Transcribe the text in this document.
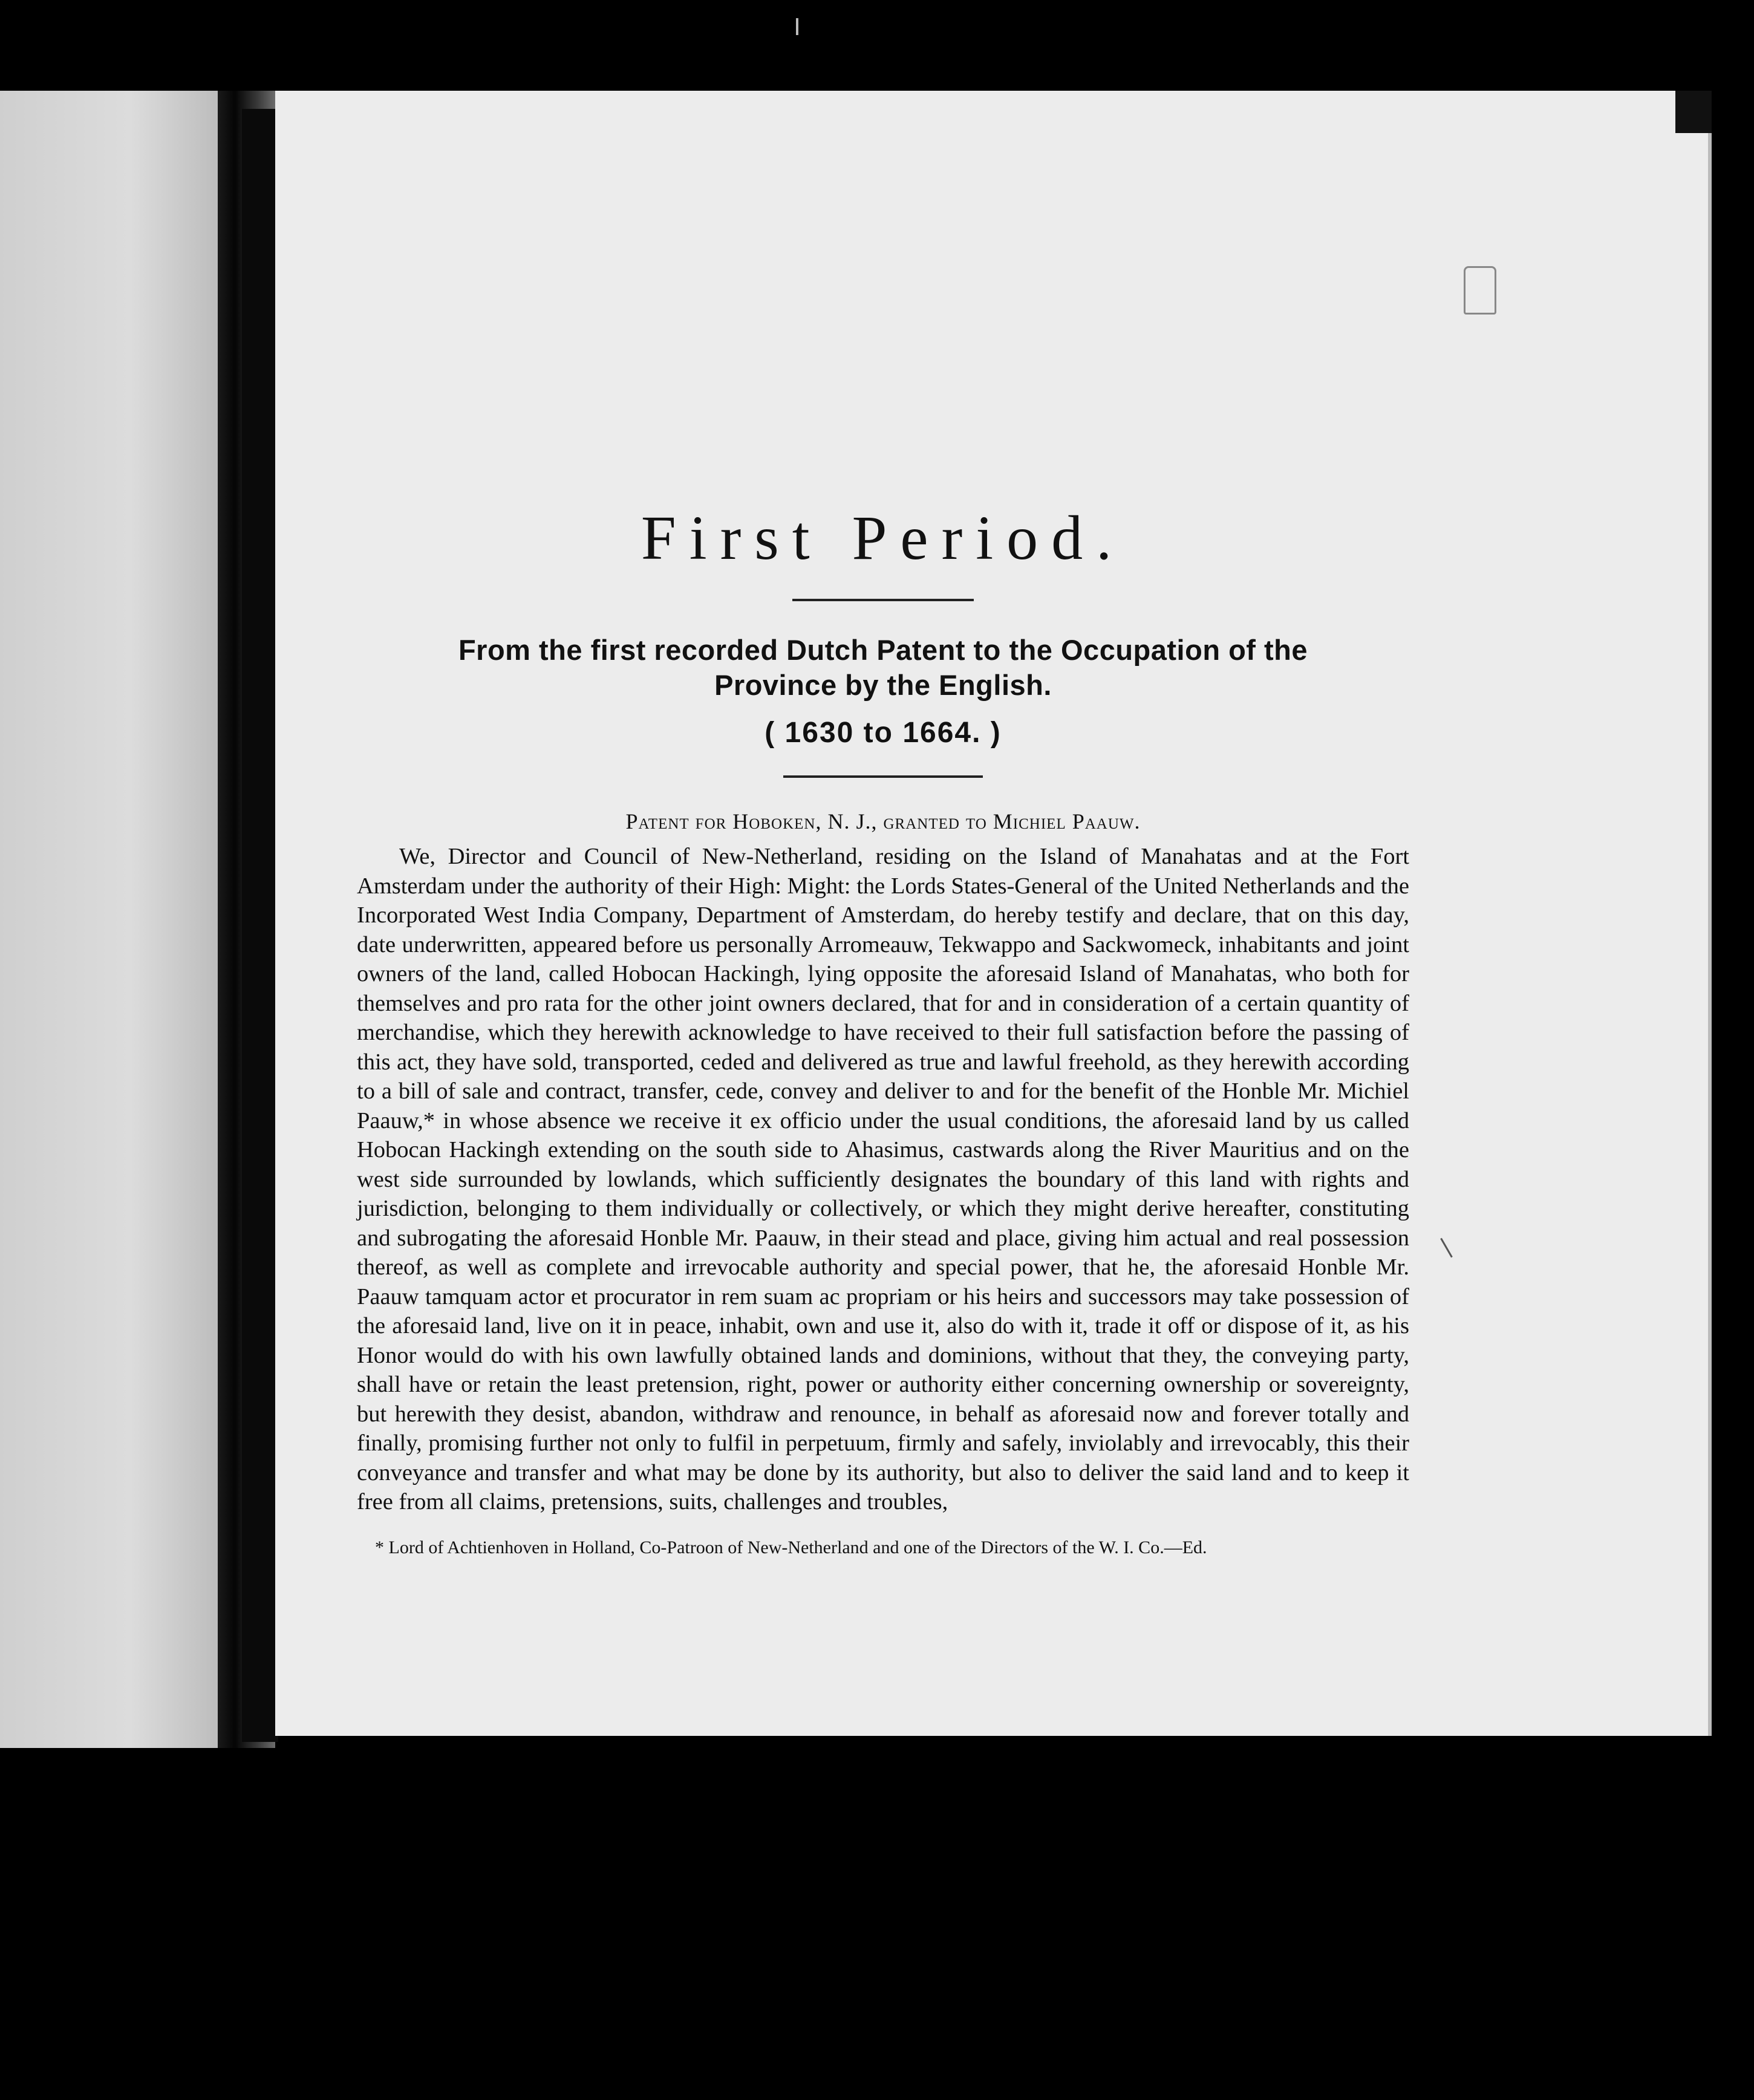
First Period.

From the first recorded Dutch Patent to the Occupation of the

Province by the English.

( 1630 to 1664. )

Patent for Hoboken, N. J., granted to Michiel Paauw.

We, Director and Council of New-Netherland, residing on the Island of Manahatas and at the Fort Amsterdam under the authority of their High: Might: the Lords States-General of the United Netherlands and the Incorporated West India Company, Department of Amsterdam, do hereby testify and declare, that on this day, date underwritten, appeared before us personally Arromeauw, Tekwappo and Sackwomeck, inhabitants and joint owners of the land, called Hobocan Hackingh, lying opposite the aforesaid Island of Manahatas, who both for themselves and pro rata for the other joint owners declared, that for and in consideration of a certain quantity of merchandise, which they herewith acknowledge to have received to their full satisfaction before the passing of this act, they have sold, transported, ceded and delivered as true and lawful freehold, as they herewith according to a bill of sale and contract, transfer, cede, convey and deliver to and for the benefit of the Honble Mr. Michiel Paauw,* in whose absence we receive it ex officio under the usual conditions, the aforesaid land by us called Hobocan Hackingh extending on the south side to Ahasimus, castwards along the River Mauritius and on the west side surrounded by lowlands, which sufficiently designates the boundary of this land with rights and jurisdiction, belonging to them individually or collectively, or which they might derive hereafter, constituting and subrogating the aforesaid Honble Mr. Paauw, in their stead and place, giving him actual and real possession thereof, as well as complete and irrevocable authority and special power, that he, the aforesaid Honble Mr. Paauw tamquam actor et procurator in rem suam ac propriam or his heirs and successors may take possession of the aforesaid land, live on it in peace, inhabit, own and use it, also do with it, trade it off or dispose of it, as his Honor would do with his own lawfully obtained lands and dominions, without that they, the conveying party, shall have or retain the least pretension, right, power or authority either concerning ownership or sovereignty, but herewith they desist, abandon, withdraw and renounce, in behalf as aforesaid now and forever totally and finally, promising further not only to fulfil in perpetuum, firmly and safely, inviolably and irrevocably, this their conveyance and transfer and what may be done by its authority, but also to deliver the said land and to keep it free from all claims, pretensions, suits, challenges and troubles,

* Lord of Achtienhoven in Holland, Co-Patroon of New-Netherland and one of the Directors of the W. I. Co.—Ed.
